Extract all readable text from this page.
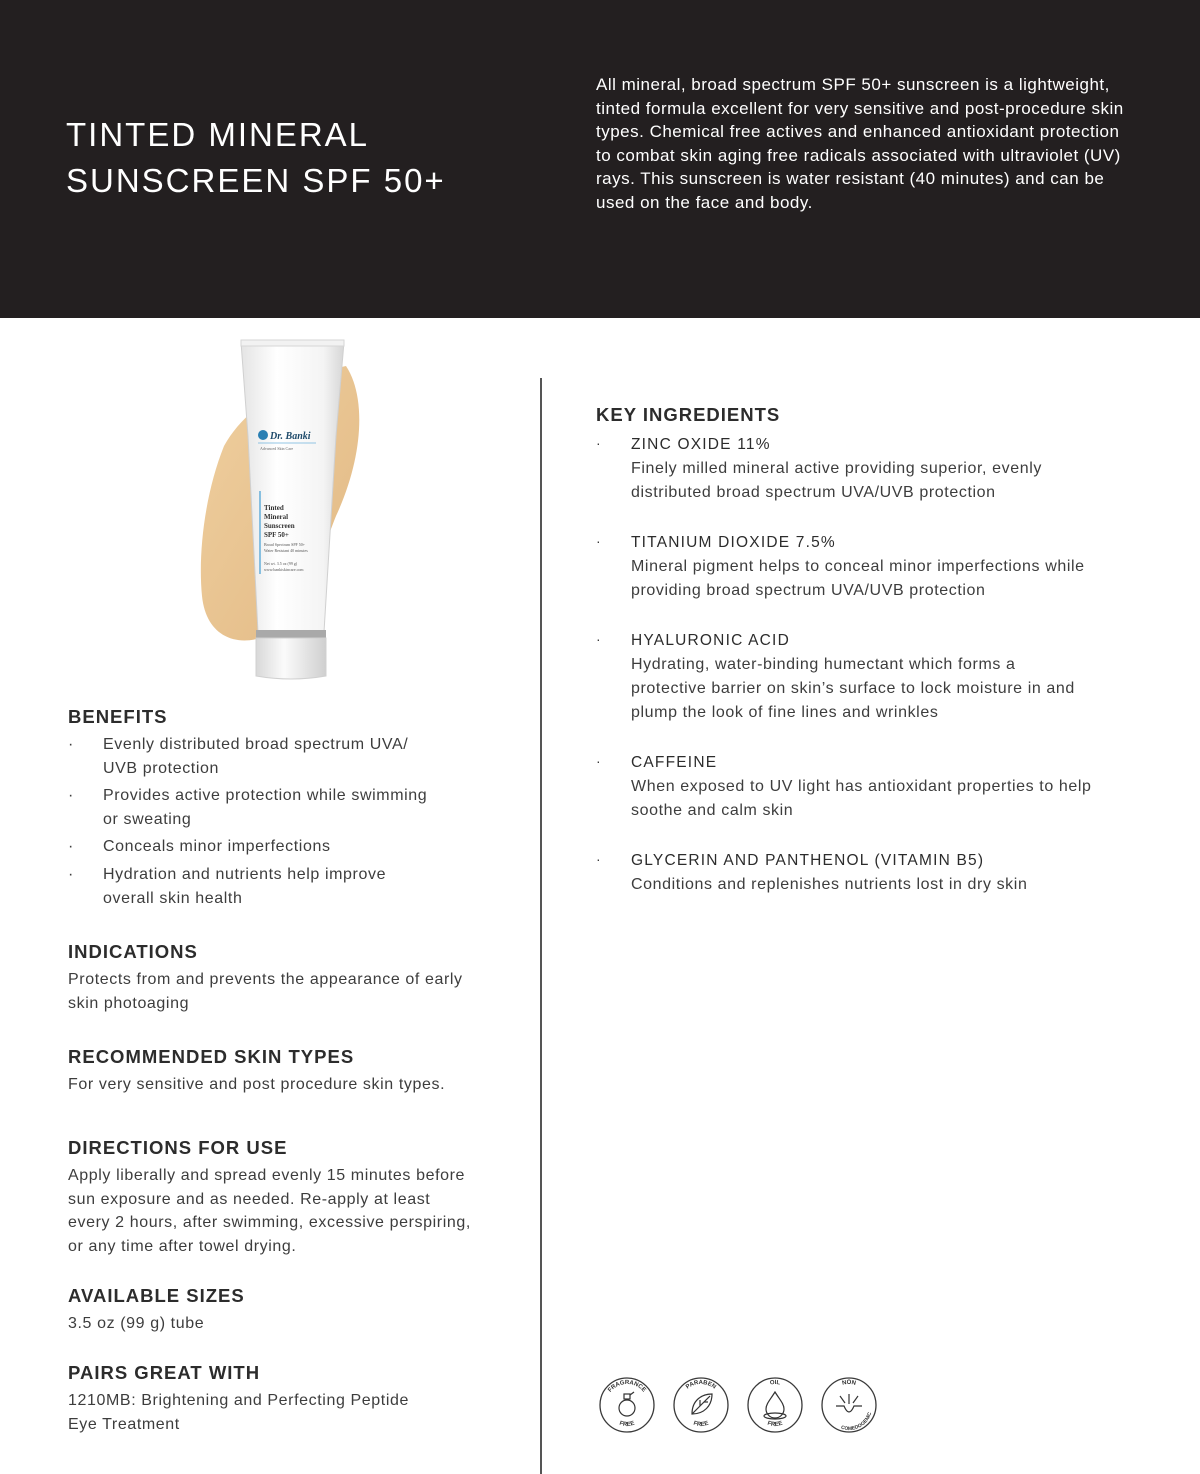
TINTED MINERAL
SUNSCREEN SPF 50+

All mineral, broad spectrum SPF 50+ sunscreen is a lightweight, tinted formula excellent for very sensitive and post-procedure skin types. Chemical free actives and enhanced antioxidant protection to combat skin aging free radicals associated with ultraviolet (UV) rays. This sunscreen is water resistant (40 minutes) and can be used on the face and body.

Dr. Banki
Advanced Skin Care
Tinted
Mineral
Sunscreen
SPF 50+
Broad Spectrum SPF 50+
Water Resistant 40 minutes
Net wt. 3.5 oz (99 g)
www.bankiskincare.com
BENEFITS
· Evenly distributed broad spectrum UVA/
UVB protection
· Provides active protection while swimming
or sweating
· Conceals minor imperfections
· Hydration and nutrients help improve
overall skin health
INDICATIONS

Protects from and prevents the appearance of early
skin photoaging

RECOMMENDED SKIN TYPES

For very sensitive and post procedure skin types.

DIRECTIONS FOR USE

Apply liberally and spread evenly 15 minutes before
sun exposure and as needed. Re-apply at least
every 2 hours, after swimming, excessive perspiring,
or any time after towel drying.

AVAILABLE SIZES

3.5 oz (99 g) tube

PAIRS GREAT WITH

1210MB: Brightening and Perfecting Peptide
Eye Treatment

KEY INGREDIENTS
· ZINC OXIDE 11%
Finely milled mineral active providing superior, evenly
distributed broad spectrum UVA/UVB protection
· TITANIUM DIOXIDE 7.5%
Mineral pigment helps to conceal minor imperfections while
providing broad spectrum UVA/UVB protection
· HYALURONIC ACID
Hydrating, water-binding humectant which forms a
protective barrier on skin’s surface to lock moisture in and
plump the look of fine lines and wrinkles
· CAFFEINE
When exposed to UV light has antioxidant properties to help
soothe and calm skin
· GLYCERIN AND PANTHENOL (VITAMIN B5)
Conditions and replenishes nutrients lost in dry skin
FRAGRANCE
FREE
PARABEN
FREE
OIL
FREE
NON
COMEDOGENIC
